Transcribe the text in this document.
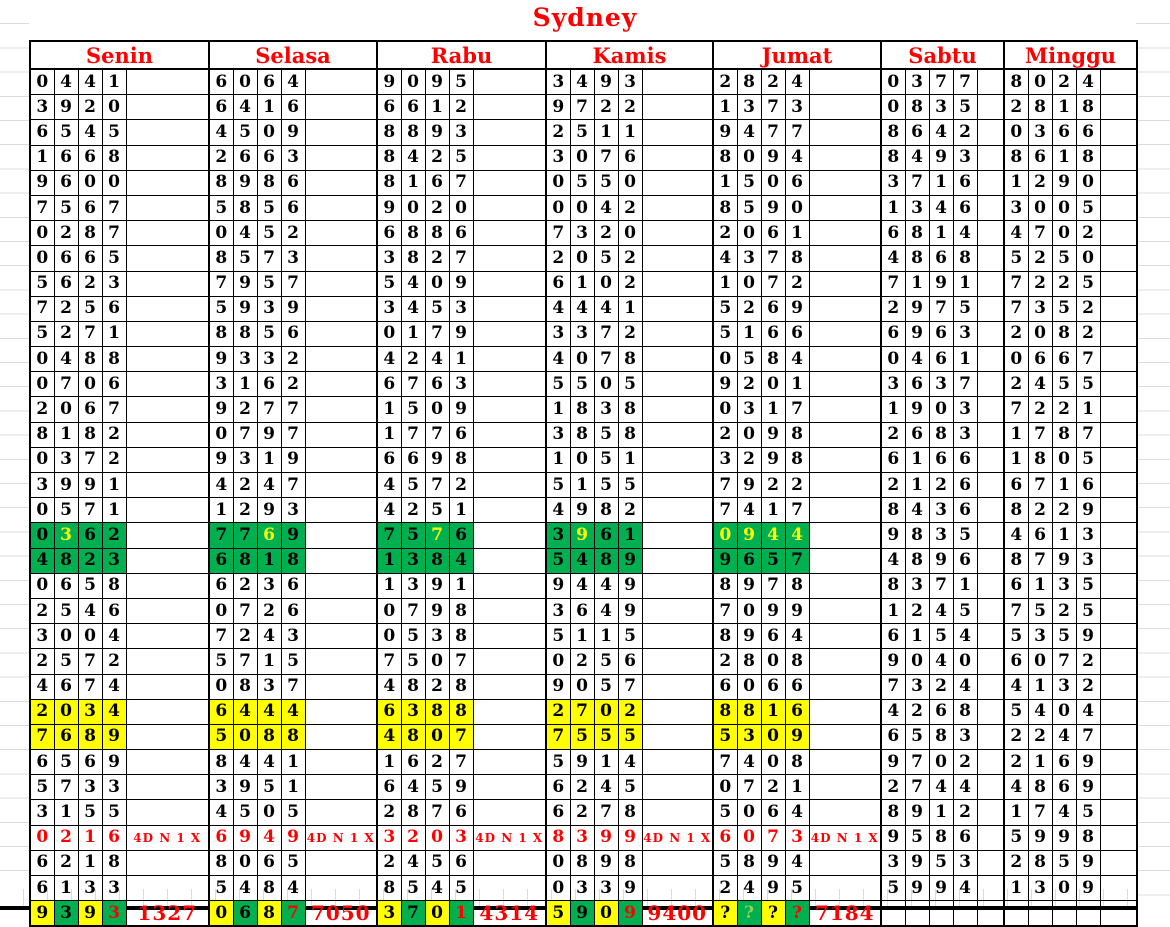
Sydney
Senin					Selasa					Rabu					Kamis					Jumat					Sabtu					Minggu				
0	4	4	1		6	0	6	4		9	0	9	5		3	4	9	3		2	8	2	4		0	3	7	7		8	0	2	4	
3	9	2	0		6	4	1	6		6	6	1	2		9	7	2	2		1	3	7	3		0	8	3	5		2	8	1	8	
6	5	4	5		4	5	0	9		8	8	9	3		2	5	1	1		9	4	7	7		8	6	4	2		0	3	6	6	
1	6	6	8		2	6	6	3		8	4	2	5		3	0	7	6		8	0	9	4		8	4	9	3		8	6	1	8	
9	6	0	0		8	9	8	6		8	1	6	7		0	5	5	0		1	5	0	6		3	7	1	6		1	2	9	0	
7	5	6	7		5	8	5	6		9	0	2	0		0	0	4	2		8	5	9	0		1	3	4	6		3	0	0	5	
0	2	8	7		0	4	5	2		6	8	8	6		7	3	2	0		2	0	6	1		6	8	1	4		4	7	0	2	
0	6	6	5		8	5	7	3		3	8	2	7		2	0	5	2		4	3	7	8		4	8	6	8		5	2	5	0	
5	6	2	3		7	9	5	7		5	4	0	9		6	1	0	2		1	0	7	2		7	1	9	1		7	2	2	5	
7	2	5	6		5	9	3	9		3	4	5	3		4	4	4	1		5	2	6	9		2	9	7	5		7	3	5	2	
5	2	7	1		8	8	5	6		0	1	7	9		3	3	7	2		5	1	6	6		6	9	6	3		2	0	8	2	
0	4	8	8		9	3	3	2		4	2	4	1		4	0	7	8		0	5	8	4		0	4	6	1		0	6	6	7	
0	7	0	6		3	1	6	2		6	7	6	3		5	5	0	5		9	2	0	1		3	6	3	7		2	4	5	5	
2	0	6	7		9	2	7	7		1	5	0	9		1	8	3	8		0	3	1	7		1	9	0	3		7	2	2	1	
8	1	8	2		0	7	9	7		1	7	7	6		3	8	5	8		2	0	9	8		2	6	8	3		1	7	8	7	
0	3	7	2		9	3	1	9		6	6	9	8		1	0	5	1		3	2	9	8		6	1	6	6		1	8	0	5	
3	9	9	1		4	2	4	7		4	5	7	2		5	1	5	5		7	9	2	2		2	1	2	6		6	7	1	6	
0	5	7	1		1	2	9	3		4	2	5	1		4	9	8	2		7	4	1	7		8	4	3	6		8	2	2	9	
0	3	6	2		7	7	6	9		7	5	7	6		3	9	6	1		0	9	4	4		9	8	3	5		4	6	1	3	
4	8	2	3		6	8	1	8		1	3	8	4		5	4	8	9		9	6	5	7		4	8	9	6		8	7	9	3	
0	6	5	8		6	2	3	6		1	3	9	1		9	4	4	9		8	9	7	8		8	3	7	1		6	1	3	5	
2	5	4	6		0	7	2	6		0	7	9	8		3	6	4	9		7	0	9	9		1	2	4	5		7	5	2	5	
3	0	0	4		7	2	4	3		0	5	3	8		5	1	1	5		8	9	6	4		6	1	5	4		5	3	5	9	
2	5	7	2		5	7	1	5		7	5	0	7		0	2	5	6		2	8	0	8		9	0	4	0		6	0	7	2	
4	6	7	4		0	8	3	7		4	8	2	8		9	0	5	7		6	0	6	6		7	3	2	4		4	1	3	2	
2	0	3	4		6	4	4	4		6	3	8	8		2	7	0	2		8	8	1	6		4	2	6	8		5	4	0	4	
7	6	8	9		5	0	8	8		4	8	0	7		7	5	5	5		5	3	0	9		6	5	8	3		2	2	4	7	
6	5	6	9		8	4	4	1		1	6	2	7		5	9	1	4		7	4	0	8		9	7	0	2		2	1	6	9	
5	7	3	3		3	9	5	1		6	4	5	9		6	2	4	5		0	7	2	1		2	7	4	4		4	8	6	9	
3	1	5	5		4	5	0	5		2	8	7	6		6	2	7	8		5	0	6	4		8	9	1	2		1	7	4	5	
0	2	1	6	4D N 1 X	6	9	4	9	4D N 1 X	3	2	0	3	4D N 1 X	8	3	9	9	4D N 1 X	6	0	7	3	4D N 1 X	9	5	8	6		5	9	9	8	
6	2	1	8		8	0	6	5		2	4	5	6		0	8	9	8		5	8	9	4		3	9	5	3		2	8	5	9	
6	1	3	3		5	4	8	4		8	5	4	5		0	3	3	9		2	4	9	5		5	9	9	4		1	3	0	9	
9	3	9	3	1327	0	6	8	7	7050	3	7	0	1	4314	5	9	0	9	9400	?	?	?	?	7184										
